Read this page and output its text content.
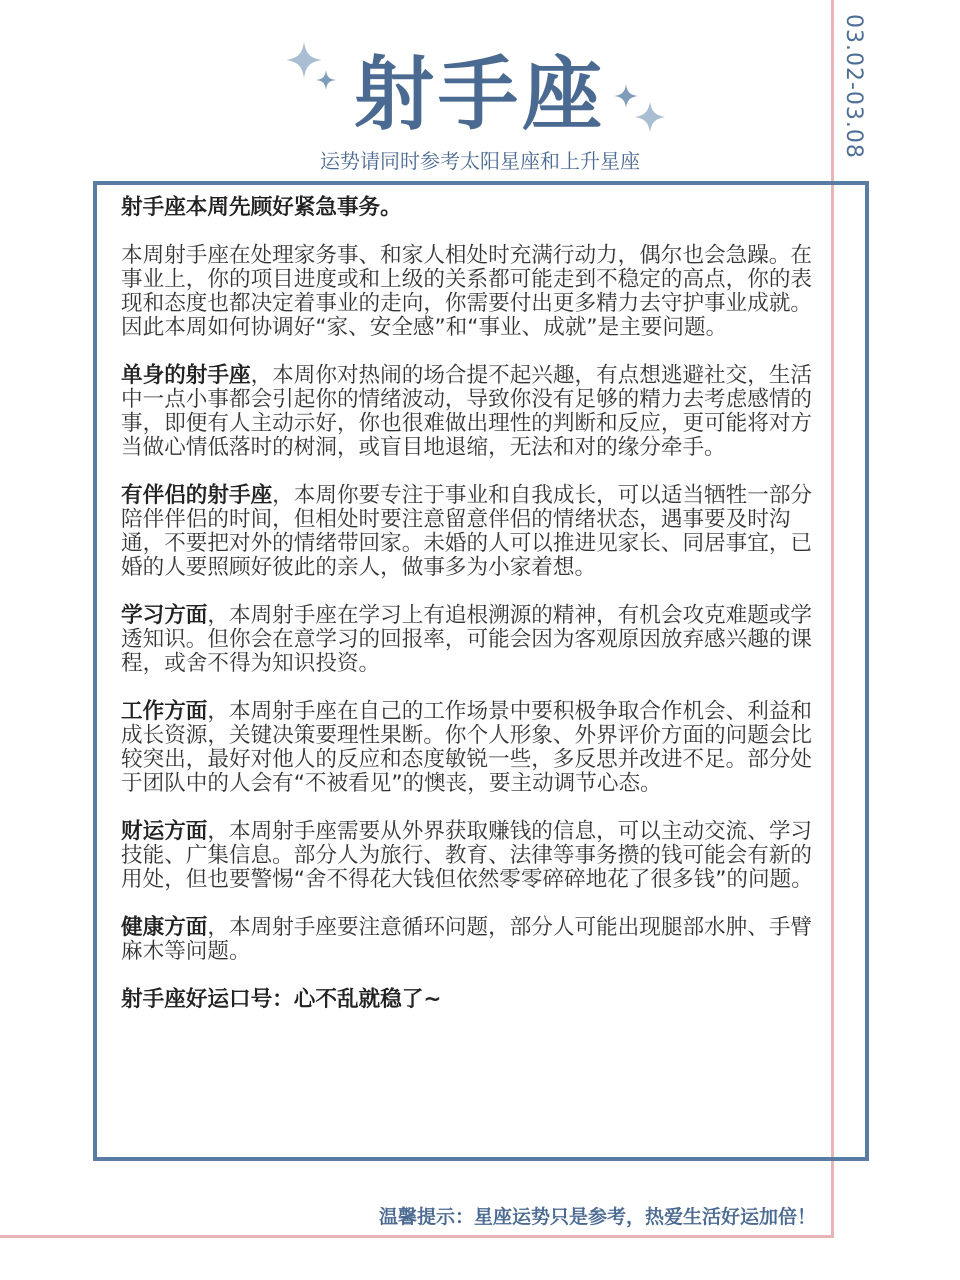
03.02-03.08
射手座
运势请同时参考太阳星座和上升星座

射手座本周先顾好紧急事务。

本周射手座在处理家务事、和家人相处时充满行动力，偶尔也会急躁。在事业上，你的项目进度或和上级的关系都可能走到不稳定的高点，你的表现和态度也都决定着事业的走向，你需要付出更多精力去守护事业成就。因此本周如何协调好“家、安全感”和“事业、成就”是主要问题。

单身的射手座，本周你对热闹的场合提不起兴趣，有点想逃避社交，生活中一点小事都会引起你的情绪波动，导致你没有足够的精力去考虑感情的事，即便有人主动示好，你也很难做出理性的判断和反应，更可能将对方当做心情低落时的树洞，或盲目地退缩，无法和对的缘分牵手。

有伴侣的射手座，本周你要专注于事业和自我成长，可以适当牺牲一部分陪伴伴侣的时间，但相处时要注意留意伴侣的情绪状态，遇事要及时沟通，不要把对外的情绪带回家。未婚的人可以推进见家长、同居事宜，已婚的人要照顾好彼此的亲人，做事多为小家着想。

学习方面，本周射手座在学习上有追根溯源的精神，有机会攻克难题或学透知识。但你会在意学习的回报率，可能会因为客观原因放弃感兴趣的课程，或舍不得为知识投资。

工作方面，本周射手座在自己的工作场景中要积极争取合作机会、利益和成长资源，关键决策要理性果断。你个人形象、外界评价方面的问题会比较突出，最好对他人的反应和态度敏锐一些，多反思并改进不足。部分处于团队中的人会有“不被看见”的懊丧，要主动调节心态。

财运方面，本周射手座需要从外界获取赚钱的信息，可以主动交流、学习技能、广集信息。部分人为旅行、教育、法律等事务攒的钱可能会有新的用处，但也要警惕“舍不得花大钱但依然零零碎碎地花了很多钱”的问题。

健康方面，本周射手座要注意循环问题，部分人可能出现腿部水肿、手臂麻木等问题。

射手座好运口号：心不乱就稳了~

温馨提示：星座运势只是参考，热爱生活好运加倍！
